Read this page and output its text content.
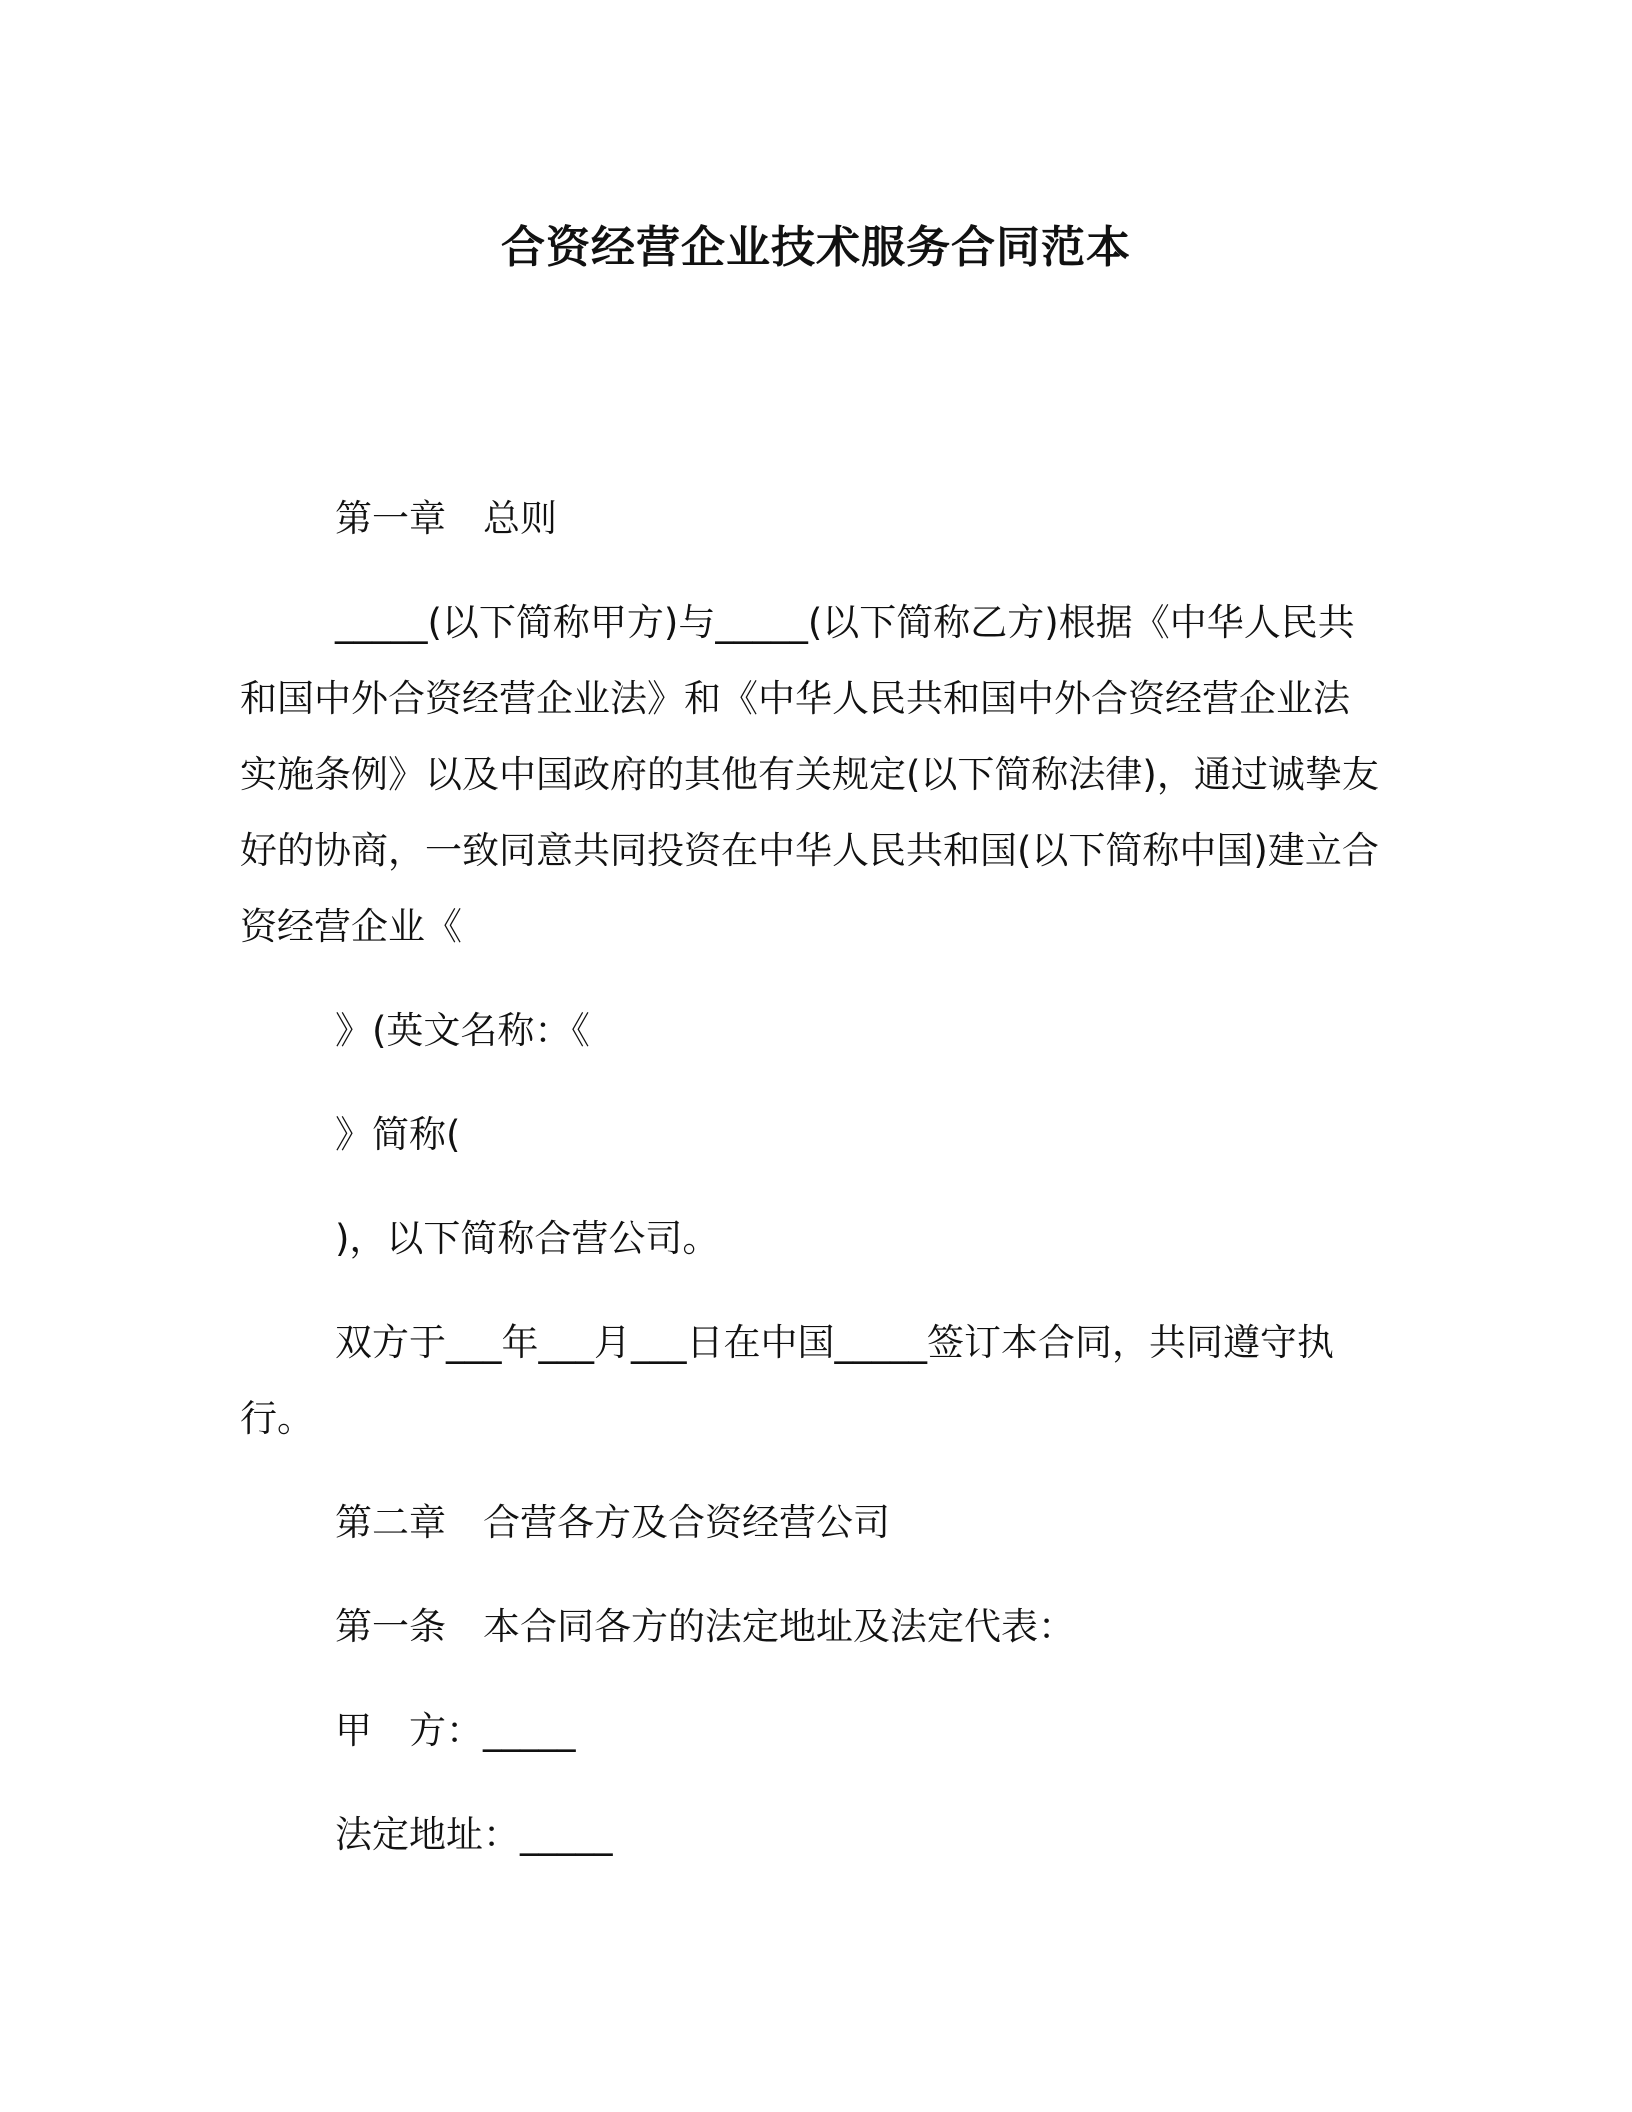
合资经营企业技术服务合同范本
第一章　总则
_____(以下简称甲方)与_____(以下简称乙方)根据《中华人民共
和国中外合资经营企业法》和《中华人民共和国中外合资经营企业法
实施条例》以及中国政府的其他有关规定(以下简称法律)，通过诚挚友
好的协商，一致同意共同投资在中华人民共和国(以下简称中国)建立合
资经营企业《
》(英文名称：《
》简称(
)，以下简称合营公司。
双方于___年___月___日在中国_____签订本合同，共同遵守执
行。
第二章　合营各方及合资经营公司
第一条　本合同各方的法定地址及法定代表：
甲　方：_____
法定地址：_____
